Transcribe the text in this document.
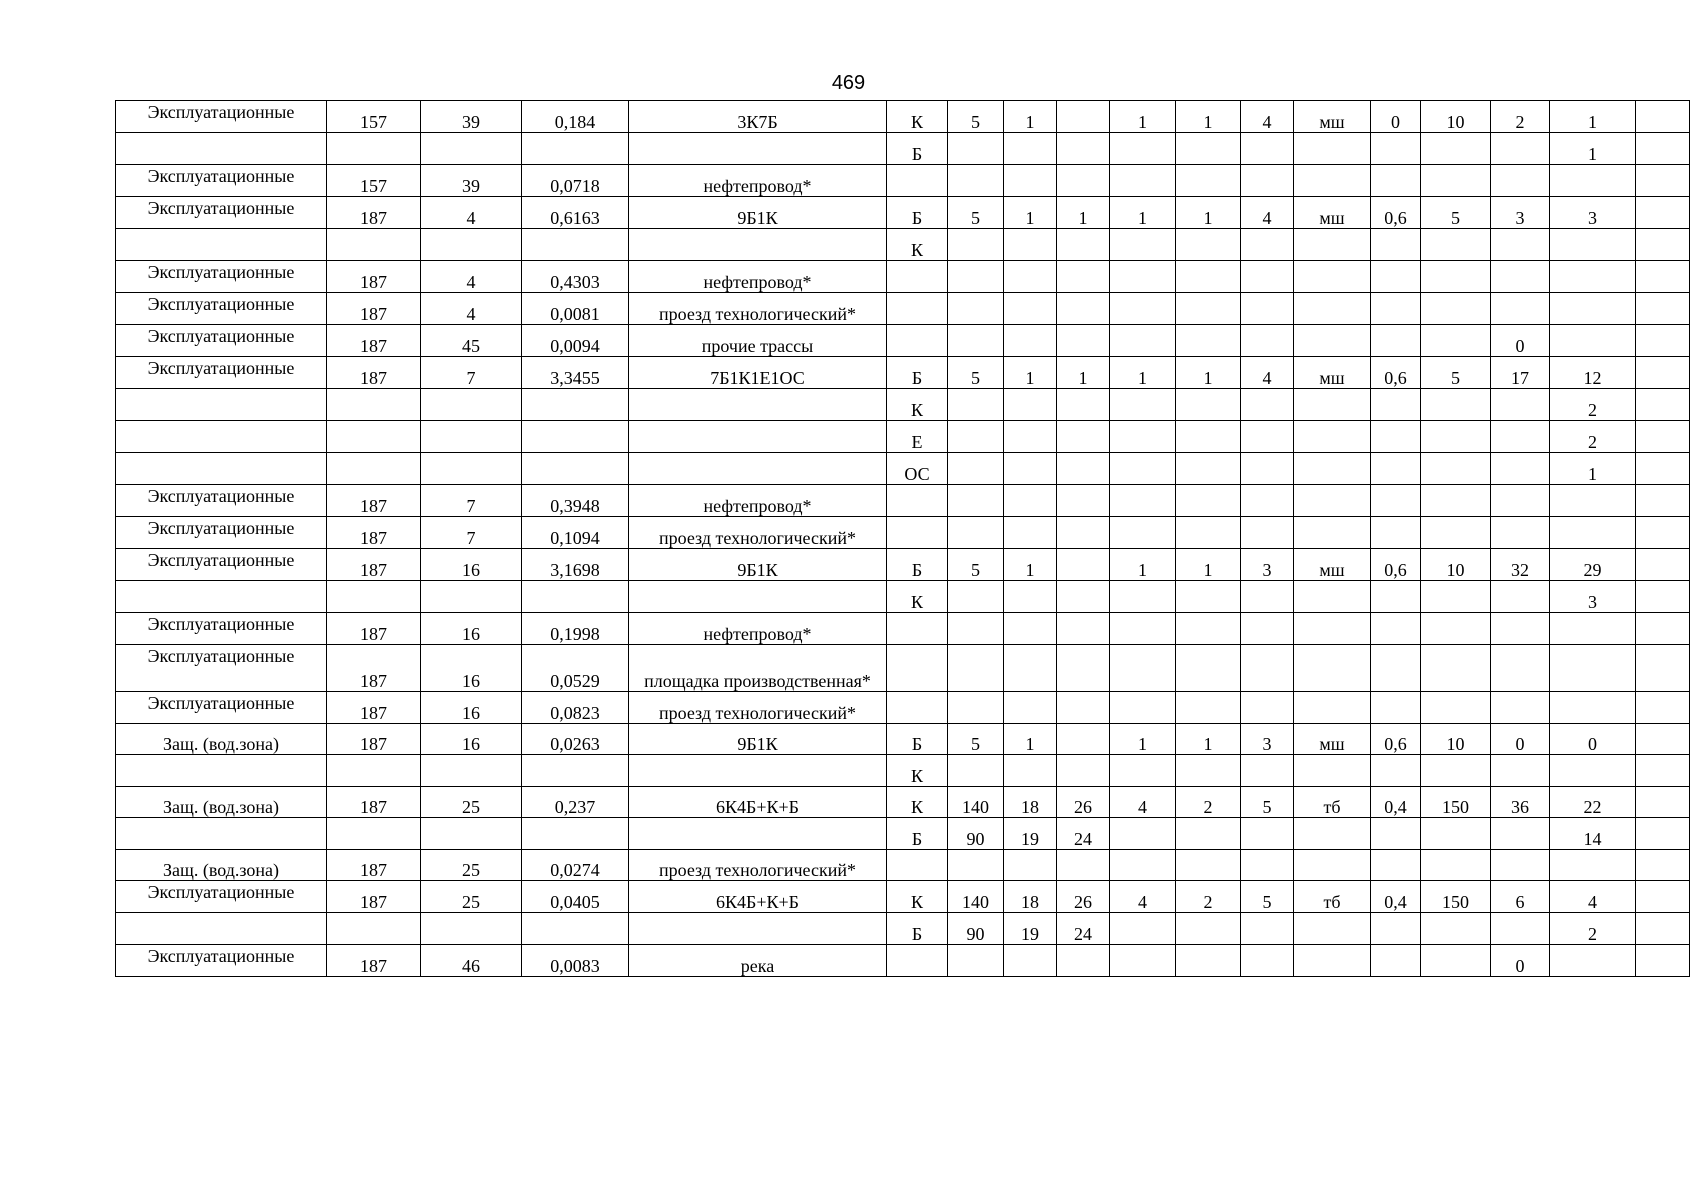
469
Эксплуатационные	157	39	0,184	3К7Б	К	5	1		1	1	4	мш	0	10	2	1	
					Б											1	
Эксплуатационные	157	39	0,0718	нефтепровод*													
Эксплуатационные	187	4	0,6163	9Б1К	Б	5	1	1	1	1	4	мш	0,6	5	3	3	
					К												
Эксплуатационные	187	4	0,4303	нефтепровод*													
Эксплуатационные	187	4	0,0081	проезд технологический*													
Эксплуатационные	187	45	0,0094	прочие трассы											0		
Эксплуатационные	187	7	3,3455	7Б1К1Е1ОС	Б	5	1	1	1	1	4	мш	0,6	5	17	12	
					К											2	
					Е											2	
					ОС											1	
Эксплуатационные	187	7	0,3948	нефтепровод*													
Эксплуатационные	187	7	0,1094	проезд технологический*													
Эксплуатационные	187	16	3,1698	9Б1К	Б	5	1		1	1	3	мш	0,6	10	32	29	
					К											3	
Эксплуатационные	187	16	0,1998	нефтепровод*													
Эксплуатационные	187	16	0,0529	площадка производственная*													
Эксплуатационные	187	16	0,0823	проезд технологический*													
Защ. (вод.зона)	187	16	0,0263	9Б1К	Б	5	1		1	1	3	мш	0,6	10	0	0	
					К												
Защ. (вод.зона)	187	25	0,237	6К4Б+К+Б	К	140	18	26	4	2	5	тб	0,4	150	36	22	
					Б	90	19	24								14	
Защ. (вод.зона)	187	25	0,0274	проезд технологический*													
Эксплуатационные	187	25	0,0405	6К4Б+К+Б	К	140	18	26	4	2	5	тб	0,4	150	6	4	
					Б	90	19	24								2	
Эксплуатационные	187	46	0,0083	река											0		
